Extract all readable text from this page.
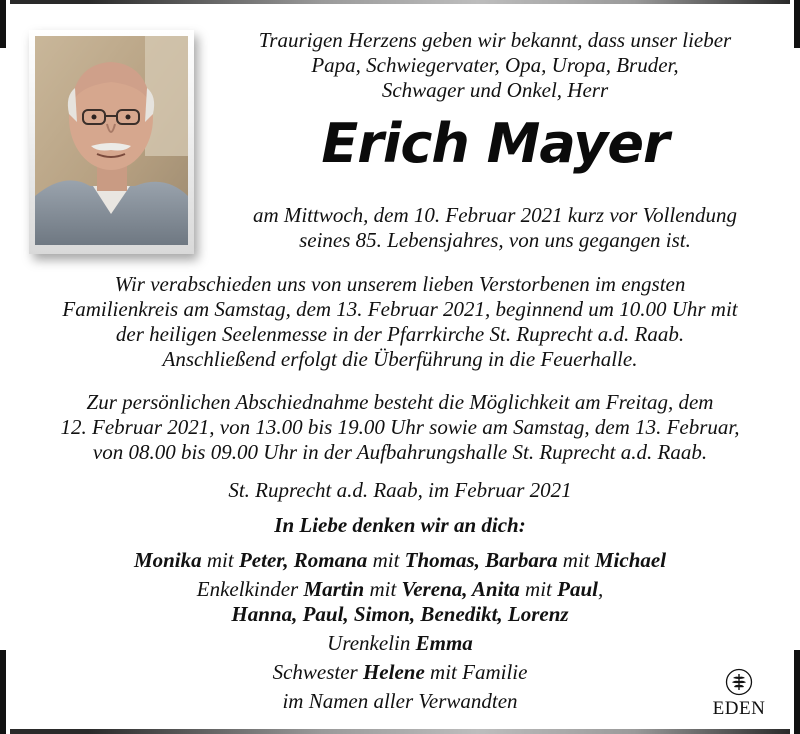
Traurigen Herzens geben wir bekannt, dass unser lieber
Papa, Schwiegervater, Opa, Uropa, Bruder,
Schwager und Onkel, Herr
Erich Mayer
am Mittwoch, dem 10. Februar 2021 kurz vor Vollendung
seines 85. Lebensjahres, von uns gegangen ist.
Wir verabschieden uns von unserem lieben Verstorbenen im engsten
Familienkreis am Samstag, dem 13. Februar 2021, beginnend um 10.00 Uhr mit
der heiligen Seelenmesse in der Pfarrkirche St. Ruprecht a.d. Raab.
Anschließend erfolgt die Überführung in die Feuerhalle.
Zur persönlichen Abschiednahme besteht die Möglichkeit am Freitag, dem
12. Februar 2021, von 13.00 bis 19.00 Uhr sowie am Samstag, dem 13. Februar,
von 08.00 bis 09.00 Uhr in der Aufbahrungshalle St. Ruprecht a.d. Raab.
St. Ruprecht a.d. Raab, im Februar 2021
In Liebe denken wir an dich:
Monika mit Peter, Romana mit Thomas, Barbara mit Michael
Enkelkinder Martin mit Verena, Anita mit Paul,
Hanna, Paul, Simon, Benedikt, Lorenz
Urenkelin Emma
Schwester Helene mit Familie
im Namen aller Verwandten	EDEN
